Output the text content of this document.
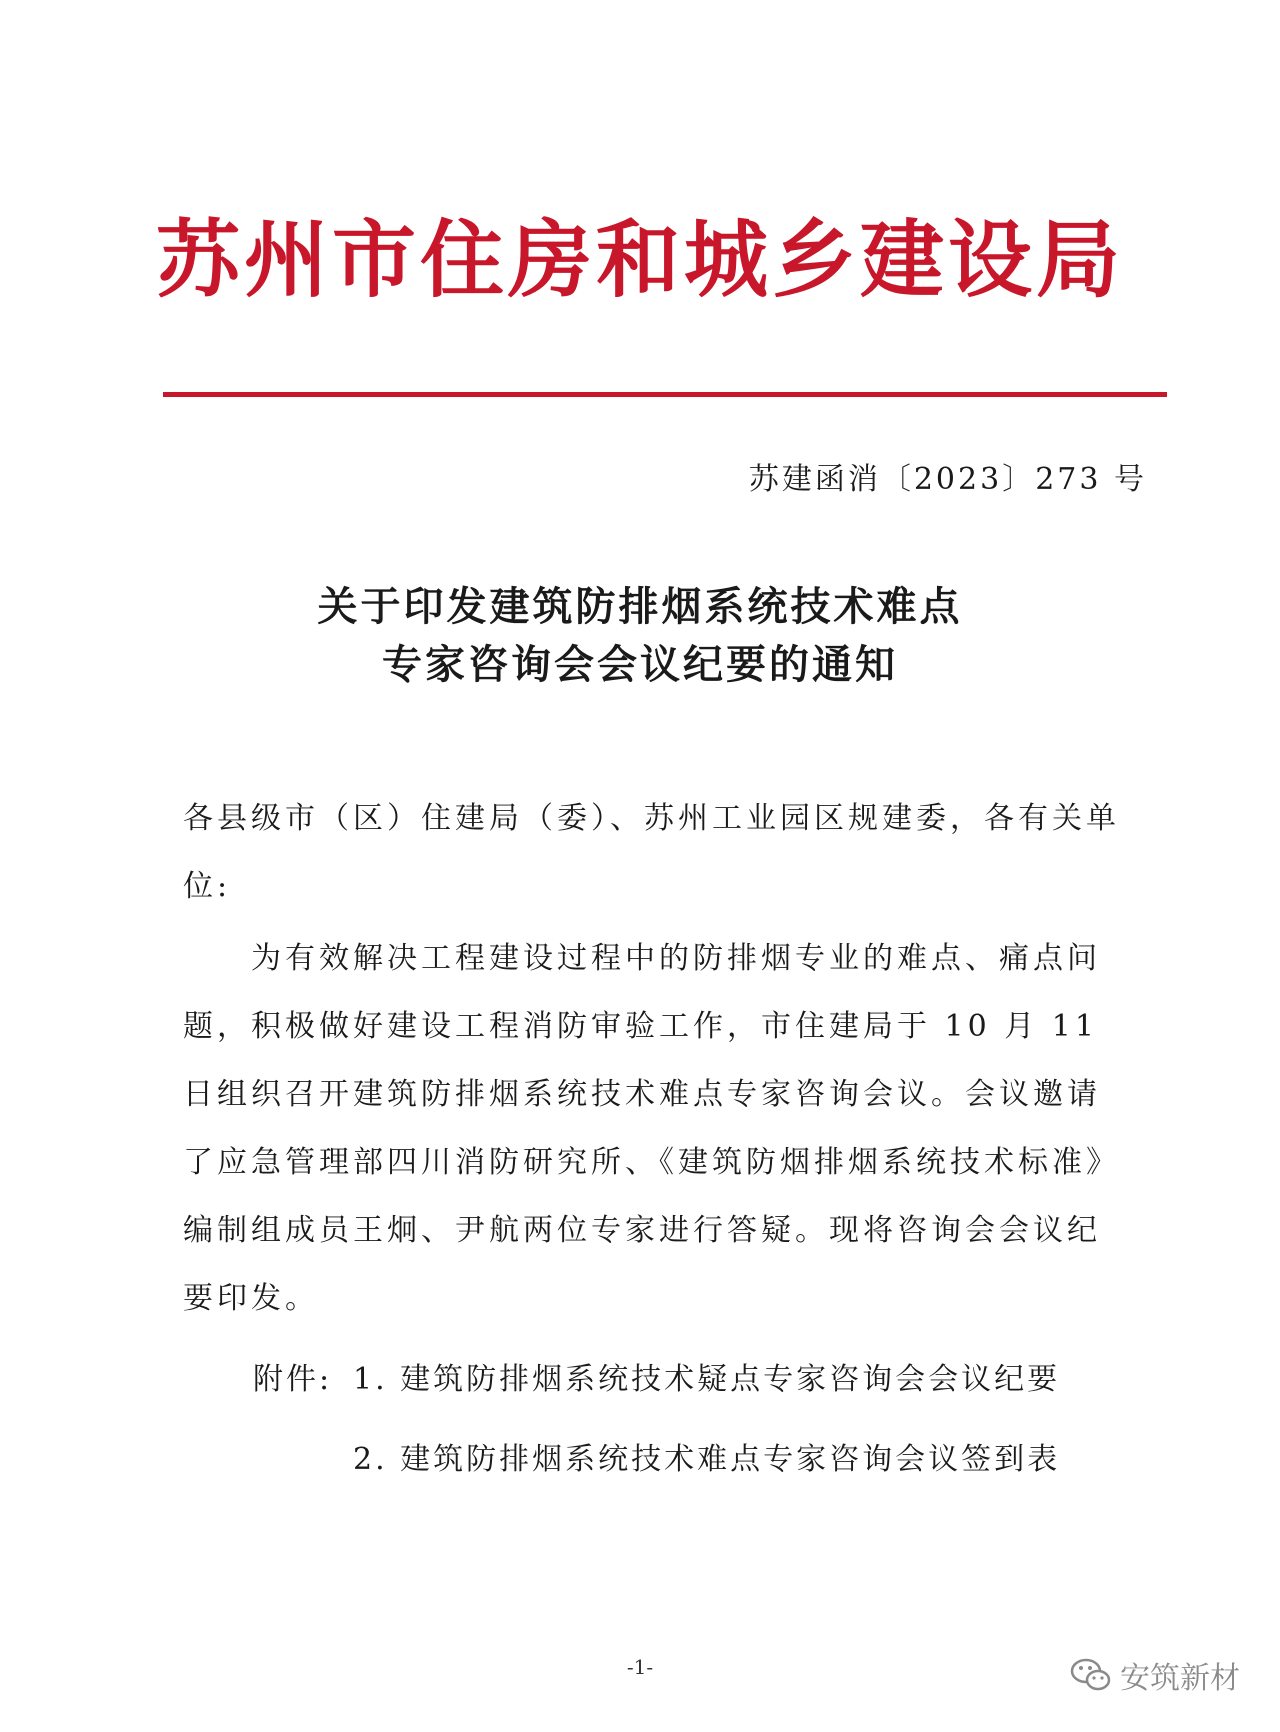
苏州市住房和城乡建设局
苏建函消〔2023〕273 号
关于印发建筑防排烟系统技术难点
专家咨询会会议纪要的通知
各县级市（区）住建局（委）、苏州工业园区规建委，各有关单位:
为有效解决工程建设过程中的防排烟专业的难点、痛点问题，积极做好建设工程消防审验工作，市住建局于 10 月 11 日组织召开建筑防排烟系统技术难点专家咨询会议。会议邀请了应急管理部四川消防研究所、《建筑防烟排烟系统技术标准》编制组成员王炯、尹航两位专家进行答疑。现将咨询会会议纪要印发。
附件: 1. 建筑防排烟系统技术疑点专家咨询会会议纪要
2. 建筑防排烟系统技术难点专家咨询会议签到表
-1-	安筑新材
